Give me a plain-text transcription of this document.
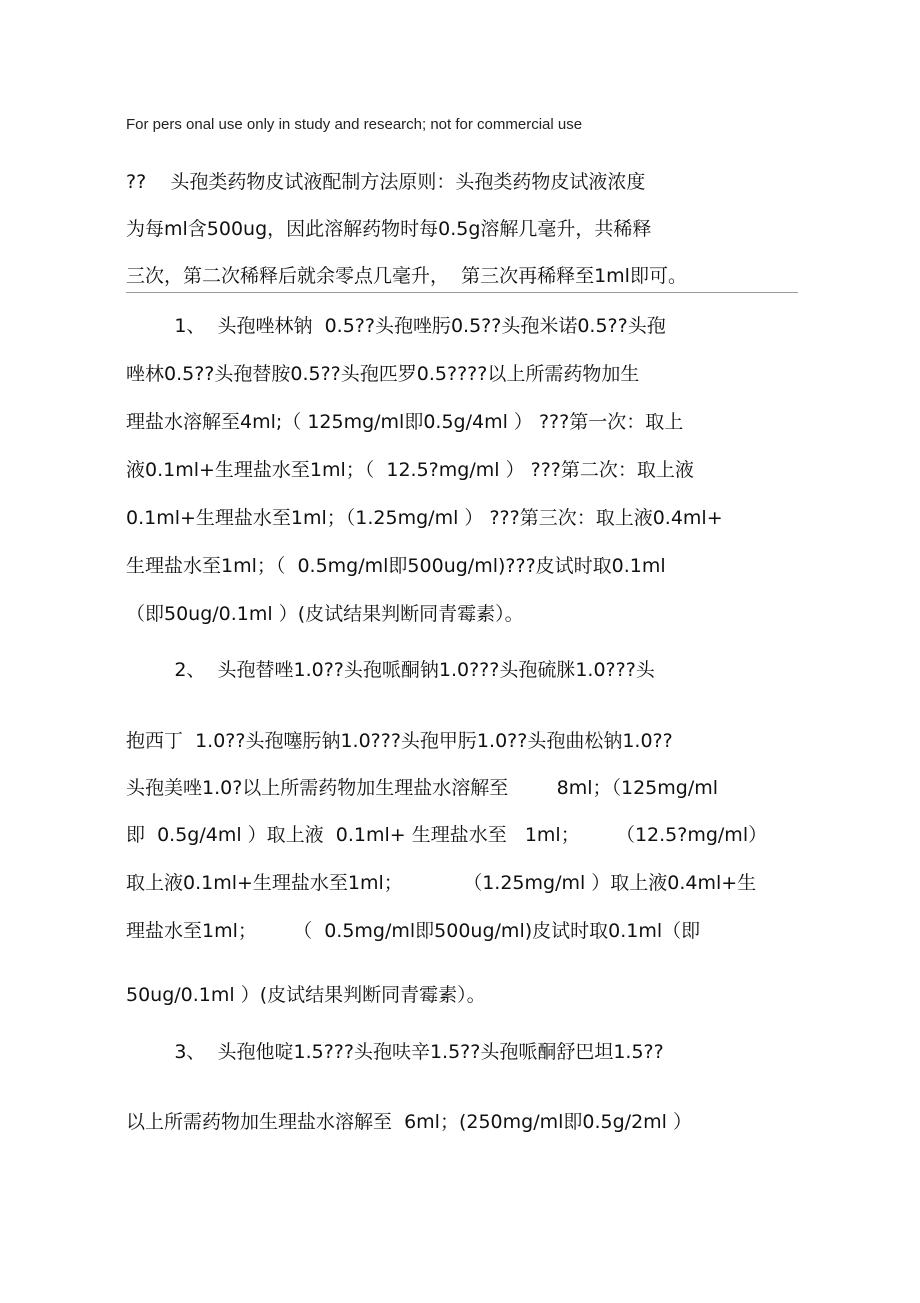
For pers onal use only in study and research; not for commercial use
??    头孢类药物皮试液配制方法原则：头孢类药物皮试液浓度
为每ml含500ug，因此溶解药物时每0.5g溶解几毫升，共稀释
三次，第二次稀释后就余零点几毫升，  第三次再稀释至1ml即可。
1、  头孢唑林钠  0.5??头孢唑肟0.5??头孢米诺0.5??头孢
唑林0.5??头孢替胺0.5??头孢匹罗0.5????以上所需药物加生
理盐水溶解至4ml;（ 125mg/ml即0.5g/4ml ） ???第一次：取上
液0.1ml+生理盐水至1ml；（  12.5?mg/ml ） ???第二次：取上液
0.1ml+生理盐水至1ml；（1.25mg/ml ） ???第三次：取上液0.4ml+
生理盐水至1ml；（  0.5mg/ml即500ug/ml)???皮试时取0.1ml
（即50ug/0.1ml ）(皮试结果判断同青霉素）。
2、  头孢替唑1.0??头孢哌酮钠1.0???头孢硫脒1.0???头
抱西丁  1.0??头孢噻肟钠1.0???头孢甲肟1.0??头孢曲松钠1.0??
头孢美唑1.0?以上所需药物加生理盐水溶解至        8ml；（125mg/ml
即  0.5g/4ml ）取上液  0.1ml+ 生理盐水至   1ml；      （12.5?mg/ml）
取上液0.1ml+生理盐水至1ml；          （1.25mg/ml ）取上液0.4ml+生
理盐水至1ml；      （  0.5mg/ml即500ug/ml)皮试时取0.1ml（即
50ug/0.1ml ）(皮试结果判断同青霉素）。
3、  头孢他啶1.5???头孢呋辛1.5??头孢哌酮舒巴坦1.5??
以上所需药物加生理盐水溶解至  6ml；(250mg/ml即0.5g/2ml ）
